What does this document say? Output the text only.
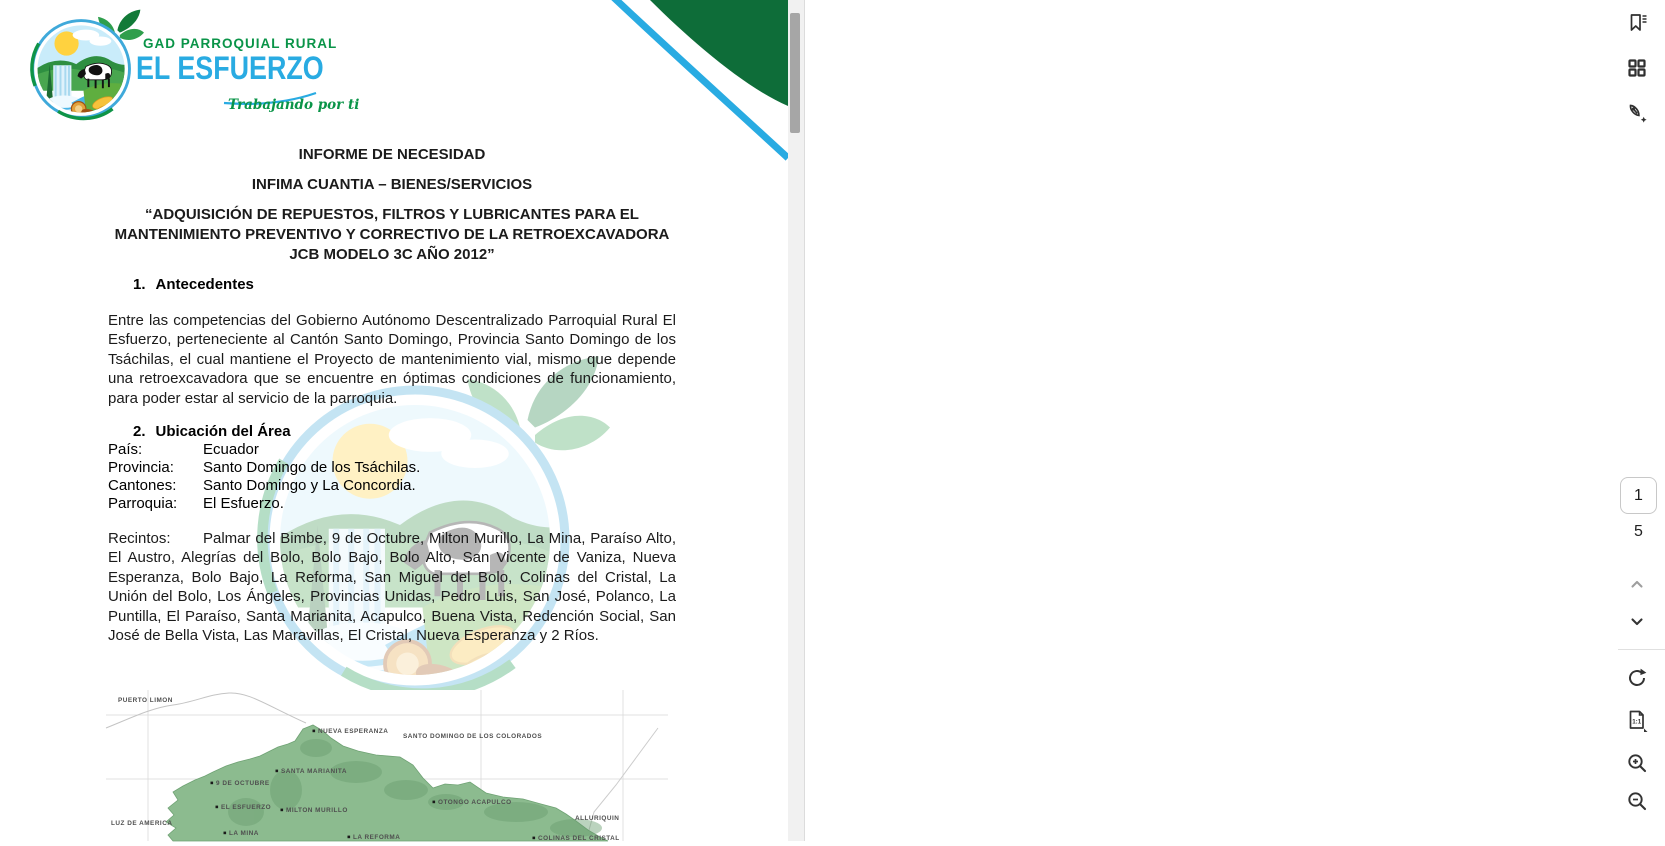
GAD PARROQUIAL RURAL
EL ESFUERZO
Trabajando por ti
INFORME DE NECESIDAD
INFIMA CUANTIA – BIENES/SERVICIOS
“ADQUISICIÓN DE REPUESTOS, FILTROS Y LUBRICANTES PARA EL MANTENIMIENTO PREVENTIVO Y CORRECTIVO DE LA RETROEXCAVADORA JCB MODELO 3C AÑO 2012”
1. Antecedentes
Entre las competencias del Gobierno Autónomo Descentralizado Parroquial Rural El Esfuerzo, perteneciente al Cantón Santo Domingo, Provincia Santo Domingo de los Tsáchilas, el cual mantiene el Proyecto de mantenimiento vial, mismo que depende una retroexcavadora que se encuentre en óptimas condiciones de funcionamiento, para poder estar al servicio de la parroquia.
2. Ubicación del Área
País:	Ecuador
Provincia:	Santo Domingo de los Tsáchilas.
Cantones:	Santo Domingo y La Concordia.
Parroquia:	El Esfuerzo.
Recintos: Palmar del Bimbe, 9 de Octubre, Milton Murillo, La Mina, Paraíso Alto, El Austro, Alegrías del Bolo, Bolo Bajo, Bolo Alto, San Vicente de Vaniza, Nueva Esperanza, Bolo Bajo, La Reforma, San Miguel del Bolo, Colinas del Cristal, La Unión del Bolo, Los Ángeles, Provincias Unidas, Pedro Luis, San José, Polanco, La Puntilla, El Paraíso, Santa Marianita, Acapulco, Buena Vista, Redención Social, San José de Bella Vista, Las Maravillas, El Cristal, Nueva Esperanza y 2 Ríos.
PUERTO LIMON
NUEVA ESPERANZA
SANTO DOMINGO DE LOS COLORADOS
SANTA MARIANITA
9 DE OCTUBRE
EL ESFUERZO MILTON MURILLO
LUZ DE AMERICA
LA MINA
LA REFORMA
OTONGO ACAPULCO
ALLURIQUIN
COLINAS DEL CRISTAL
1
5
1:1
